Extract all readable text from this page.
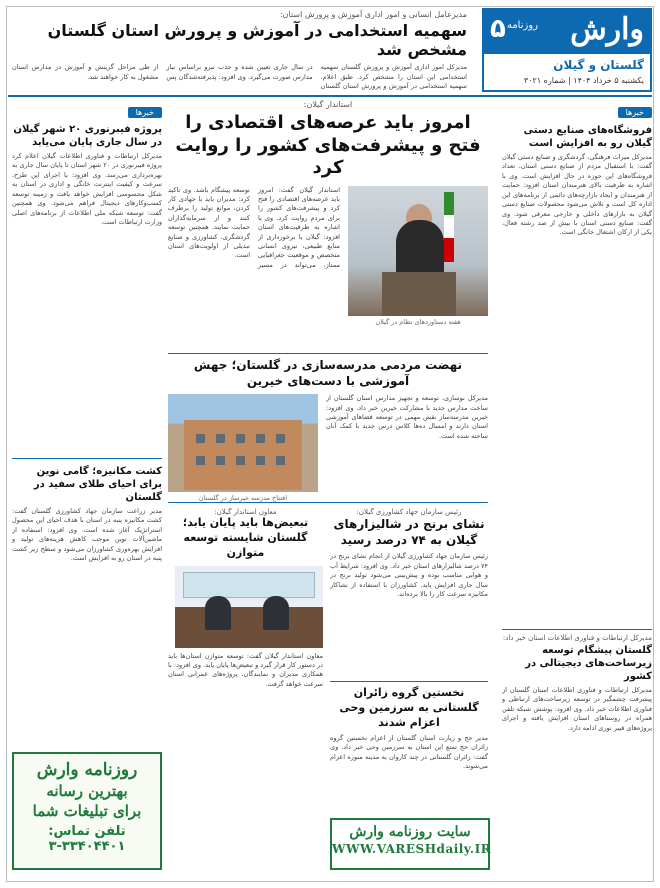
وارش
روزنامه
۵
گلستان و گیلان
یکشنبه ۵ خرداد ۱۴۰۴ | شماره ۳۰۲۱
مدیرعامل انسانی و امور اداری آموزش و پرورش استان:
سهمیه استخدامی در آموزش و پرورش استان گلستان مشخص شد
مدیرکل امور اداری آموزش و پرورش گلستان سهمیه استخدامی این استان را مشخص کرد. طبق اعلام، سهمیه استخدامی در آموزش و پرورش استان گلستان در سال جاری تعیین شده و جذب نیرو براساس نیاز مدارس صورت می‌گیرد. وی افزود: پذیرفته‌شدگان پس از طی مراحل گزینش و آموزش در مدارس استان مشغول به کار خواهند شد.
خبرها
فروشگاه‌های صنایع دستی گیلان رو به افزایش است
مدیرکل میراث فرهنگی، گردشگری و صنایع دستی گیلان گفت: با استقبال مردم از صنایع دستی استان، تعداد فروشگاه‌های این حوزه در حال افزایش است. وی با اشاره به ظرفیت بالای هنرمندان استان افزود: حمایت از هنرمندان و ایجاد بازارچه‌های دائمی از برنامه‌های این اداره کل است و تلاش می‌شود محصولات صنایع دستی گیلان به بازارهای داخلی و خارجی معرفی شود. وی گفت: صنایع دستی استان با بیش از صد رشته فعال، یکی از ارکان اشتغال خانگی است.
مدیرکل ارتباطات و فناوری اطلاعات استان خبر داد:
گلستان پیشگام توسعه زیرساخت‌های دیجیتالی در کشور
مدیرکل ارتباطات و فناوری اطلاعات استان گلستان از پیشرفت چشمگیر در توسعه زیرساخت‌های ارتباطی و فناوری اطلاعات خبر داد. وی افزود: پوشش شبکه تلفن همراه در روستاهای استان افزایش یافته و اجرای پروژه‌های فیبر نوری ادامه دارد.
خبرها
پروژه فیبرنوری ۲۰ شهر گیلان در سال جاری پایان می‌یابد
مدیرکل ارتباطات و فناوری اطلاعات گیلان اعلام کرد پروژه فیبرنوری در ۲۰ شهر استان تا پایان سال جاری به بهره‌برداری می‌رسد. وی افزود: با اجرای این طرح، سرعت و کیفیت اینترنت خانگی و اداری در استان به شکل محسوسی افزایش خواهد یافت و زمینه توسعه کسب‌وکارهای دیجیتال فراهم می‌شود. وی همچنین گفت: توسعه شبکه ملی اطلاعات از برنامه‌های اصلی وزارت ارتباطات است.
کشت مکانیزه؛ گامی نوین برای احیای طلای سفید در گلستان
مدیر زراعت سازمان جهاد کشاورزی گلستان گفت: کشت مکانیزه پنبه در استان با هدف احیای این محصول استراتژیک آغاز شده است. وی افزود: استفاده از ماشین‌آلات نوین موجب کاهش هزینه‌های تولید و افزایش بهره‌وری کشاورزان می‌شود و سطح زیر کشت پنبه در استان رو به افزایش است.
استاندار گیلان:
امروز باید عرصه‌های اقتصادی را فتح و پیشرفت‌های کشور را روایت کرد
هفته دستاوردهای نظام در گیلان
استاندار گیلان گفت: امروز باید عرصه‌های اقتصادی را فتح کرد و پیشرفت‌های کشور را برای مردم روایت کرد. وی با اشاره به ظرفیت‌های استان افزود: گیلان با برخورداری از منابع طبیعی، نیروی انسانی متخصص و موقعیت جغرافیایی ممتاز، می‌تواند در مسیر توسعه پیشگام باشد. وی تاکید کرد: مدیران باید با جهادی کار کردن، موانع تولید را برطرف کنند و از سرمایه‌گذاران حمایت نمایند. همچنین توسعه گردشگری، کشاورزی و صنایع تبدیلی از اولویت‌های استان است.
نهضت مردمی مدرسه‌سازی در گلستان؛ جهش آموزشی با دست‌های خیرین
مدیرکل نوسازی، توسعه و تجهیز مدارس استان گلستان از ساخت مدارس جدید با مشارکت خیرین خبر داد. وی افزود: خیرین مدرسه‌ساز نقش مهمی در توسعه فضاهای آموزشی استان دارند و امسال ده‌ها کلاس درس جدید با کمک آنان ساخته شده است.
افتتاح مدرسه خیرساز در گلستان
معاون استاندار گیلان:
تبعیض‌ها باید پایان یابد؛ گلستان شایسته توسعه متوازن
معاون استاندار گیلان گفت: توسعه متوازن استان‌ها باید در دستور کار قرار گیرد و تبعیض‌ها پایان یابد. وی افزود: با همکاری مدیران و نمایندگان، پروژه‌های عمرانی استان سرعت خواهد گرفت.
رئیس سازمان جهاد کشاورزی گیلان:
نشای برنج در شالیزارهای گیلان به ۷۴ درصد رسید
رئیس سازمان جهاد کشاورزی گیلان از انجام نشای برنج در ۷۴ درصد شالیزارهای استان خبر داد. وی افزود: شرایط آب و هوایی مناسب بوده و پیش‌بینی می‌شود تولید برنج در سال جاری افزایش یابد. کشاورزان با استفاده از نشاکار مکانیزه سرعت کار را بالا برده‌اند.
نخستین گروه زائران گلستانی به سرزمین وحی اعزام شدند
مدیر حج و زیارت استان گلستان از اعزام نخستین گروه زائران حج تمتع این استان به سرزمین وحی خبر داد. وی گفت: زائران گلستانی در چند کاروان به مدینه منوره اعزام می‌شوند.
روزنامه وارش
بهترین رسانه
برای تبلیغات شما
تلفن تماس: ۳۳۴۰۴۴۰۱-۳
سایت روزنامه وارش
WWW.VARESHdaily.IR
